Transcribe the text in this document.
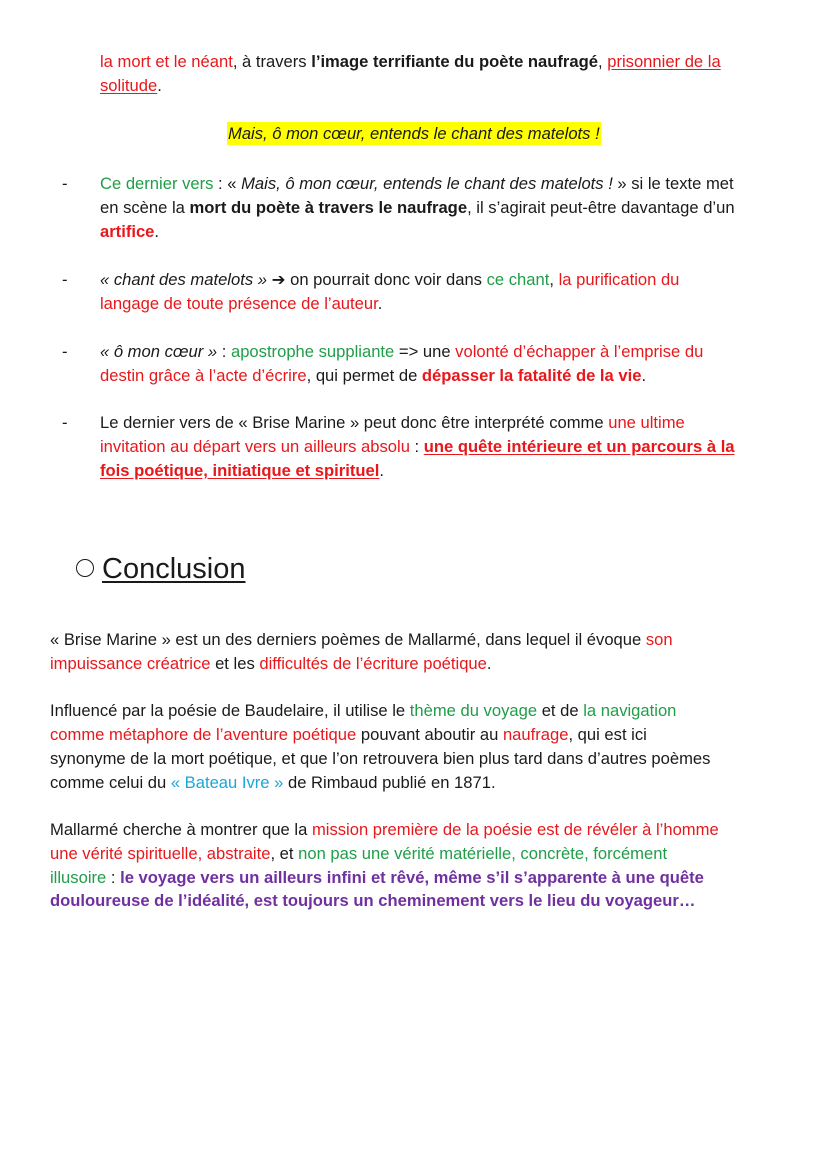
la mort et le néant, à travers l’image terrifiante du poète naufragé, prisonnier de la
solitude.
Mais, ô mon cœur, entends le chant des matelots !
- Ce dernier vers : « Mais, ô mon cœur, entends le chant des matelots ! » si le texte met
en scène la mort du poète à travers le naufrage, il s’agirait peut-être davantage d’un
artifice.
- « chant des matelots » ➔ on pourrait donc voir dans ce chant, la purification du
langage de toute présence de l’auteur.
- « ô mon cœur » : apostrophe suppliante => une volonté d’échapper à l’emprise du
destin grâce à l’acte d’écrire, qui permet de dépasser la fatalité de la vie.
- Le dernier vers de « Brise Marine » peut donc être interprété comme une ultime
invitation au départ vers un ailleurs absolu : une quête intérieure et un parcours à la
fois poétique, initiatique et spirituel.
Conclusion
« Brise Marine » est un des derniers poèmes de Mallarmé, dans lequel il évoque son
impuissance créatrice et les difficultés de l’écriture poétique.
Influencé par la poésie de Baudelaire, il utilise le thème du voyage et de la navigation
comme métaphore de l’aventure poétique pouvant aboutir au naufrage, qui est ici
synonyme de la mort poétique, et que l’on retrouvera bien plus tard dans d’autres poèmes
comme celui du « Bateau Ivre » de Rimbaud publié en 1871.
Mallarmé cherche à montrer que la mission première de la poésie est de révéler à l’homme
une vérité spirituelle, abstraite, et non pas une vérité matérielle, concrète, forcément
illusoire : le voyage vers un ailleurs infini et rêvé, même s’il s’apparente à une quête
douloureuse de l’idéalité, est toujours un cheminement vers le lieu du voyageur…
